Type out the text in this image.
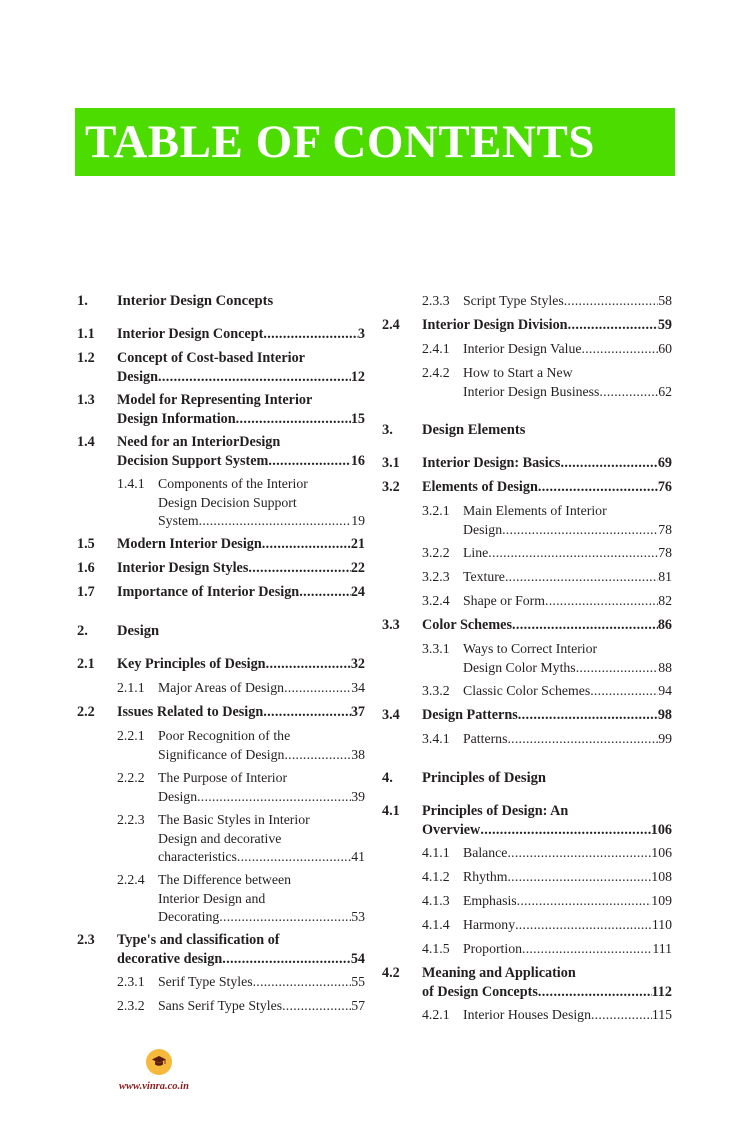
TABLE OF CONTENTS
1. Interior Design Concepts
1.1 Interior Design Concept . . .	3
1.2 Concept of Cost-based Interior
Design . . .	12
1.3 Model for Representing Interior
Design Information . . .	15
1.4 Need for an InteriorDesign
Decision Support System . . .	16
1.4.1 Components of the Interior
Design Decision Support
System . . .	19
1.5 Modern Interior Design . . .	21
1.6 Interior Design Styles . . .	22
1.7 Importance of Interior Design . . .	24
2. Design
2.1 Key Principles of Design . . .	32
2.1.1 Major Areas of Design . . .	34
2.2 Issues Related to Design . . .	37
2.2.1 Poor Recognition of the
Significance of Design . . .	38
2.2.2 The Purpose of Interior
Design . . .	39
2.2.3 The Basic Styles in Interior
Design and decorative
characteristics . . .	41
2.2.4 The Difference between
Interior Design and
Decorating . . .	53
2.3 Type's and classification of
decorative design . . .	54
2.3.1 Serif Type Styles . . .	55
2.3.2 Sans Serif Type Styles . . .	57
2.3.3 Script Type Styles . . .	58
2.4 Interior Design Division . . .	59
2.4.1 Interior Design Value . . .	60
2.4.2 How to Start a New
Interior Design Business . . .	62
3. Design Elements
3.1 Interior Design: Basics . . .	69
3.2 Elements of Design . . .	76
3.2.1 Main Elements of Interior
Design . . .	78
3.2.2 Line . . .	78
3.2.3 Texture . . .	81
3.2.4 Shape or Form . . .	82
3.3 Color Schemes . . .	86
3.3.1 Ways to Correct Interior
Design Color Myths . . .	88
3.3.2 Classic Color Schemes . . .	94
3.4 Design Patterns . . .	98
3.4.1 Patterns . . .	99
4. Principles of Design
4.1 Principles of Design: An
Overview . . .	106
4.1.1 Balance . . .	106
4.1.2 Rhythm . . .	108
4.1.3 Emphasis . . .	109
4.1.4 Harmony . . .	110
4.1.5 Proportion . . .	111
4.2 Meaning and Application
of Design Concepts . . .	112
4.2.1 Interior Houses Design . . .	115
www.vinra.co.in
